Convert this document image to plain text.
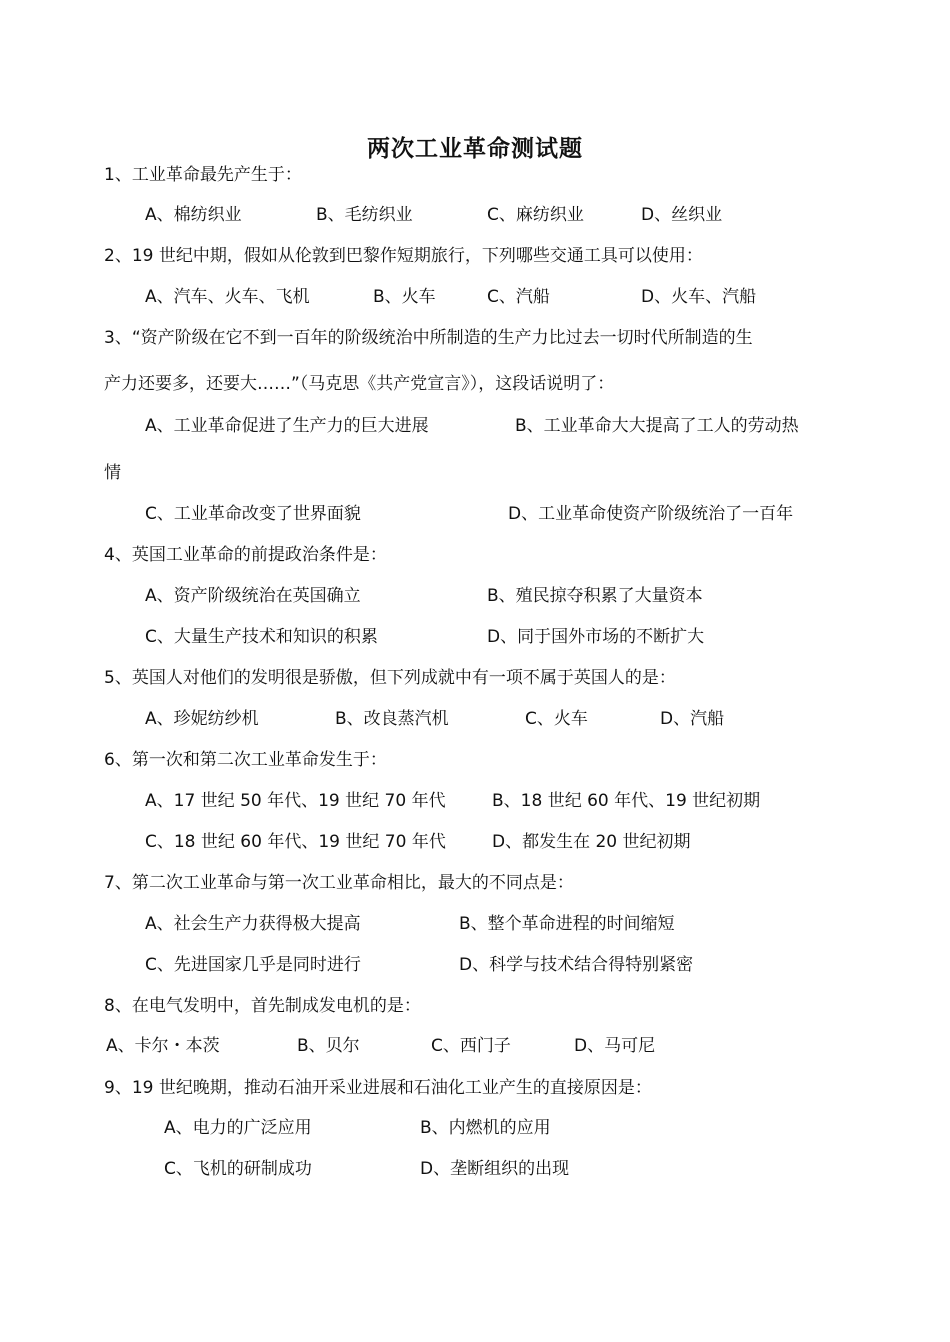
两次工业革命测试题
1、工业革命最先产生于：
A、棉纺织业	B、毛纺织业	C、麻纺织业	D、丝织业
2、19 世纪中期，假如从伦敦到巴黎作短期旅行，下列哪些交通工具可以使用：
A、汽车、火车、飞机	B、火车	C、汽船	D、火车、汽船
3、“资产阶级在它不到一百年的阶级统治中所制造的生产力比过去一切时代所制造的生
产力还要多，还要大……”（马克思《共产党宣言》），这段话说明了：
A、工业革命促进了生产力的巨大进展	B、工业革命大大提高了工人的劳动热
情
C、工业革命改变了世界面貌	D、工业革命使资产阶级统治了一百年
4、英国工业革命的前提政治条件是：
A、资产阶级统治在英国确立	B、殖民掠夺积累了大量资本
C、大量生产技术和知识的积累	D、同于国外市场的不断扩大
5、英国人对他们的发明很是骄傲，但下列成就中有一项不属于英国人的是：
A、珍妮纺纱机	B、改良蒸汽机	C、火车	D、汽船
6、第一次和第二次工业革命发生于：
A、17 世纪 50 年代、19 世纪 70 年代	B、18 世纪 60 年代、19 世纪初期
C、18 世纪 60 年代、19 世纪 70 年代	D、都发生在 20 世纪初期
7、第二次工业革命与第一次工业革命相比，最大的不同点是：
A、社会生产力获得极大提高	B、整个革命进程的时间缩短
C、先进国家几乎是同时进行	D、科学与技术结合得特别紧密
8、在电气发明中，首先制成发电机的是：
A、卡尔・本茨	B、贝尔	C、西门子	D、马可尼
9、19 世纪晚期，推动石油开采业进展和石油化工业产生的直接原因是：
A、电力的广泛应用	B、内燃机的应用
C、飞机的研制成功	D、垄断组织的出现
